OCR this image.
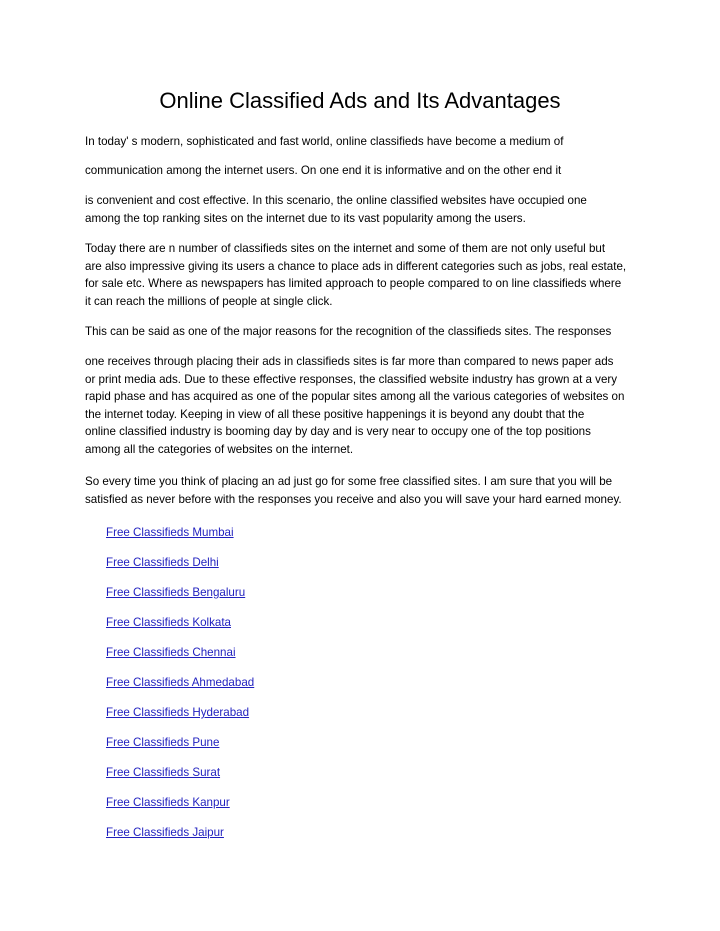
Online Classified Ads and Its Advantages

In today' s modern, sophisticated and fast world, online classifieds have become a medium of

communication among the internet users. On one end it is informative and on the other end it

is convenient and cost effective. In this scenario, the online classified websites have occupied one
among the top ranking sites on the internet due to its vast popularity among the users.

Today there are n number of classifieds sites on the internet and some of them are not only useful but
are also impressive giving its users a chance to place ads in different categories such as jobs, real estate,
for sale etc. Where as newspapers has limited approach to people compared to on line classifieds where
it can reach the millions of people at single click.

This can be said as one of the major reasons for the recognition of the classifieds sites. The responses

one receives through placing their ads in classifieds sites is far more than compared to news paper ads
or print media ads. Due to these effective responses, the classified website industry has grown at a very
rapid phase and has acquired as one of the popular sites among all the various categories of websites on
the internet today. Keeping in view of all these positive happenings it is beyond any doubt that the
online classified industry is booming day by day and is very near to occupy one of the top positions
among all the categories of websites on the internet.

So every time you think of placing an ad just go for some free classified sites. I am sure that you will be
satisfied as never before with the responses you receive and also you will save your hard earned money.

Free Classifieds Mumbai
Free Classifieds Delhi
Free Classifieds Bengaluru
Free Classifieds Kolkata
Free Classifieds Chennai
Free Classifieds Ahmedabad
Free Classifieds Hyderabad
Free Classifieds Pune
Free Classifieds Surat
Free Classifieds Kanpur
Free Classifieds Jaipur
